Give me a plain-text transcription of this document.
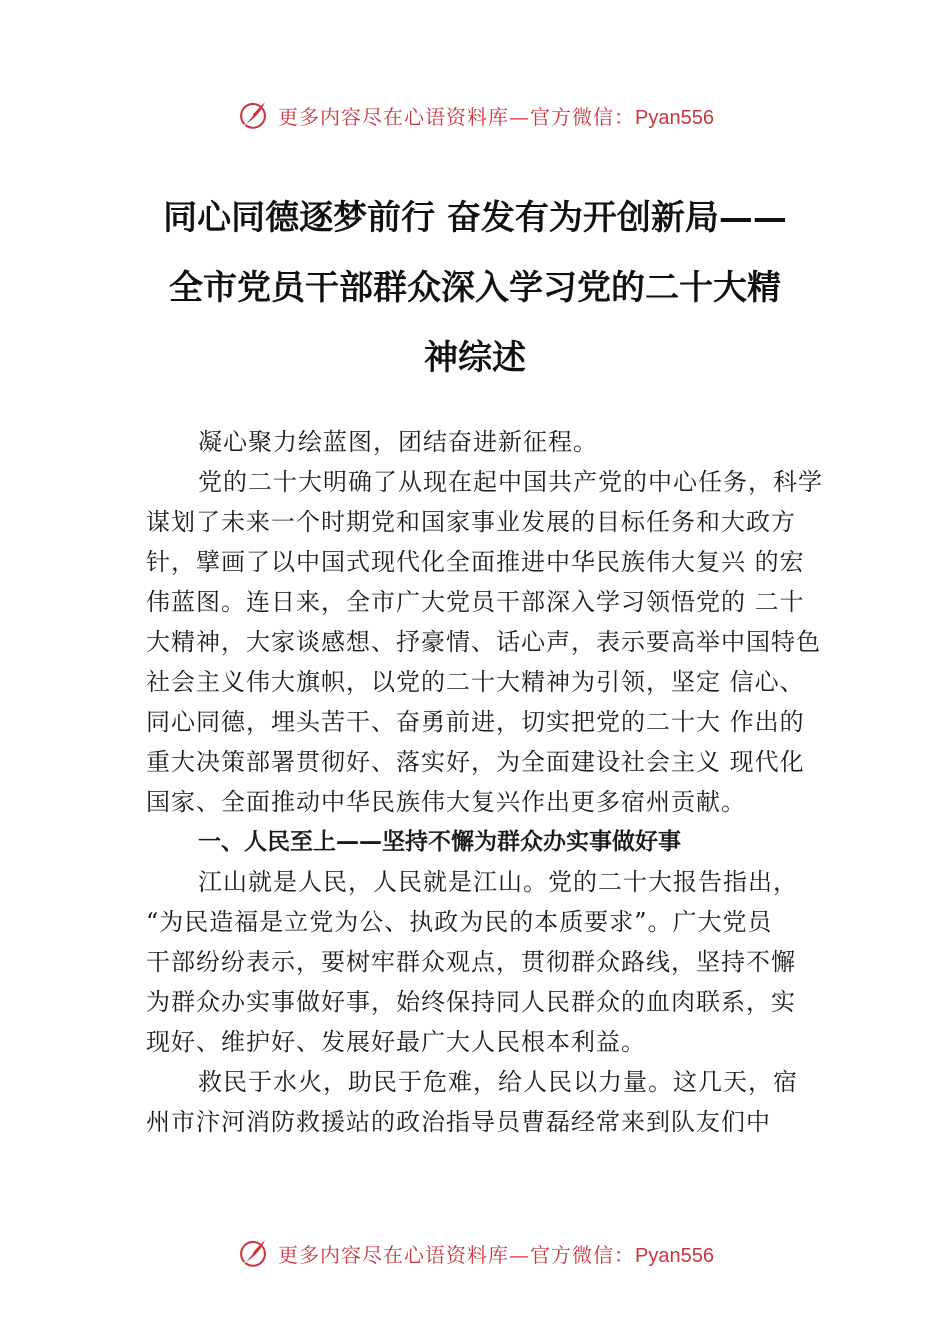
更多内容尽在心语资料库—官方微信：Pyan556
同心同德逐梦前行 奋发有为开创新局——
全市党员干部群众深入学习党的二十大精
神综述
凝心聚力绘蓝图，团结奋进新征程。
党的二十大明确了从现在起中国共产党的中心任务，科学
谋划了未来一个时期党和国家事业发展的目标任务和大政方
针，擘画了以中国式现代化全面推进中华民族伟大复兴 的宏
伟蓝图。连日来，全市广大党员干部深入学习领悟党的 二十
大精神，大家谈感想、抒豪情、话心声，表示要高举中国特色
社会主义伟大旗帜，以党的二十大精神为引领，坚定 信心、
同心同德，埋头苦干、奋勇前进，切实把党的二十大 作出的
重大决策部署贯彻好、落实好，为全面建设社会主义 现代化
国家、全面推动中华民族伟大复兴作出更多宿州贡献。
一、人民至上——坚持不懈为群众办实事做好事
江山就是人民，人民就是江山。党的二十大报告指出，
“为民造福是立党为公、执政为民的本质要求”。广大党员
干部纷纷表示，要树牢群众观点，贯彻群众路线，坚持不懈
为群众办实事做好事，始终保持同人民群众的血肉联系，实
现好、维护好、发展好最广大人民根本利益。
救民于水火，助民于危难，给人民以力量。这几天，宿
州市汴河消防救援站的政治指导员曹磊经常来到队友们中
更多内容尽在心语资料库—官方微信：Pyan556
